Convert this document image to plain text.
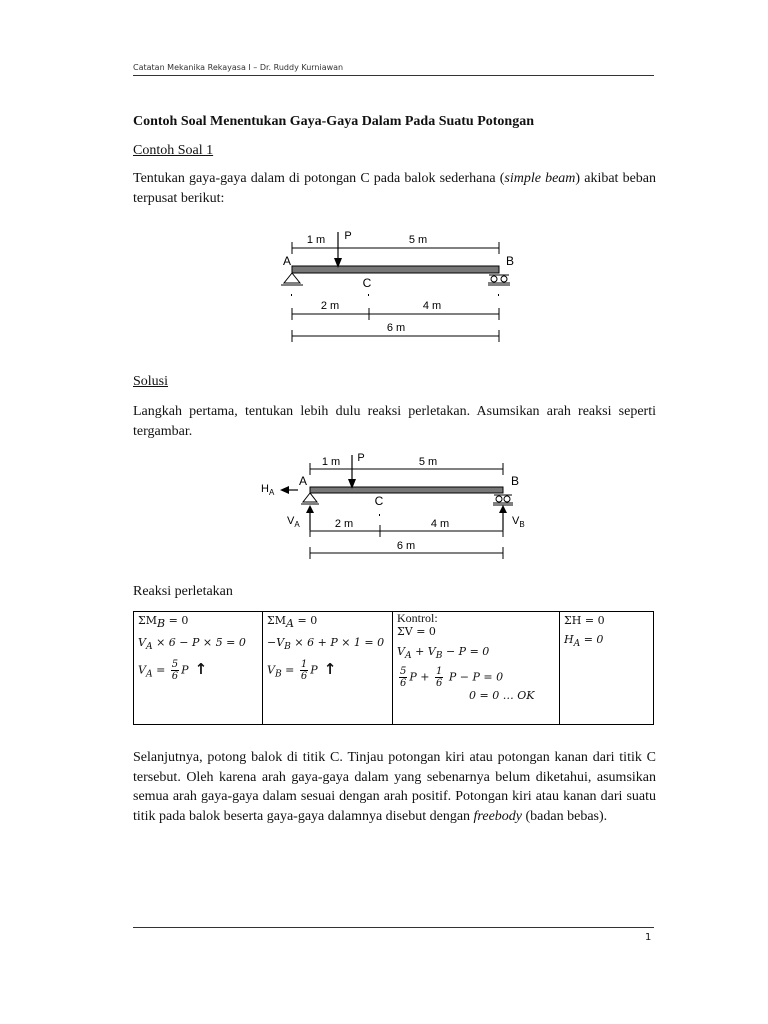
Catatan Mekanika Rekayasa I – Dr. Ruddy Kurniawan
Contoh Soal Menentukan Gaya-Gaya Dalam Pada Suatu Potongan
Contoh Soal 1

Tentukan gaya-gaya dalam di potongan C pada balok sederhana (simple beam) akibat beban terpusat berikut:

1 m P	5 m
A	B
C
2 m	4 m
6 m
Solusi

Langkah pertama, tentukan lebih dulu reaksi perletakan. Asumsikan arah reaksi seperti tergambar.

1 m P	5 m
A	B
C
$H_A$
$V_A$	$V_B$
2 m	4 m
6 m
Reaksi perletakan
$\Sigma M_B = 0$
$V_A \times 6 - P \times 5 = 0$
$V_A = \frac{5}{6}$ P ↑

$\Sigma M_A = 0$
$-V_B \times 6 + P \times 1 = 0$
$V_B = \frac{1}{6}$ P ↑

Kontrol:
ΣV = 0
$V_A + V_B - P = 0$
$\frac{5}{6}$ $P + \frac{1}{6}$ P − P = 0
0 = 0 … OK

ΣH = 0
$H_A = 0$

Selanjutnya, potong balok di titik C. Tinjau potongan kiri atau potongan kanan dari titik C tersebut. Oleh karena arah gaya-gaya dalam yang sebenarnya belum diketahui, asumsikan semua arah gaya-gaya dalam sesuai dengan arah positif. Potongan kiri atau kanan dari suatu titik pada balok beserta gaya-gaya dalamnya disebut dengan freebody (badan bebas).

1
